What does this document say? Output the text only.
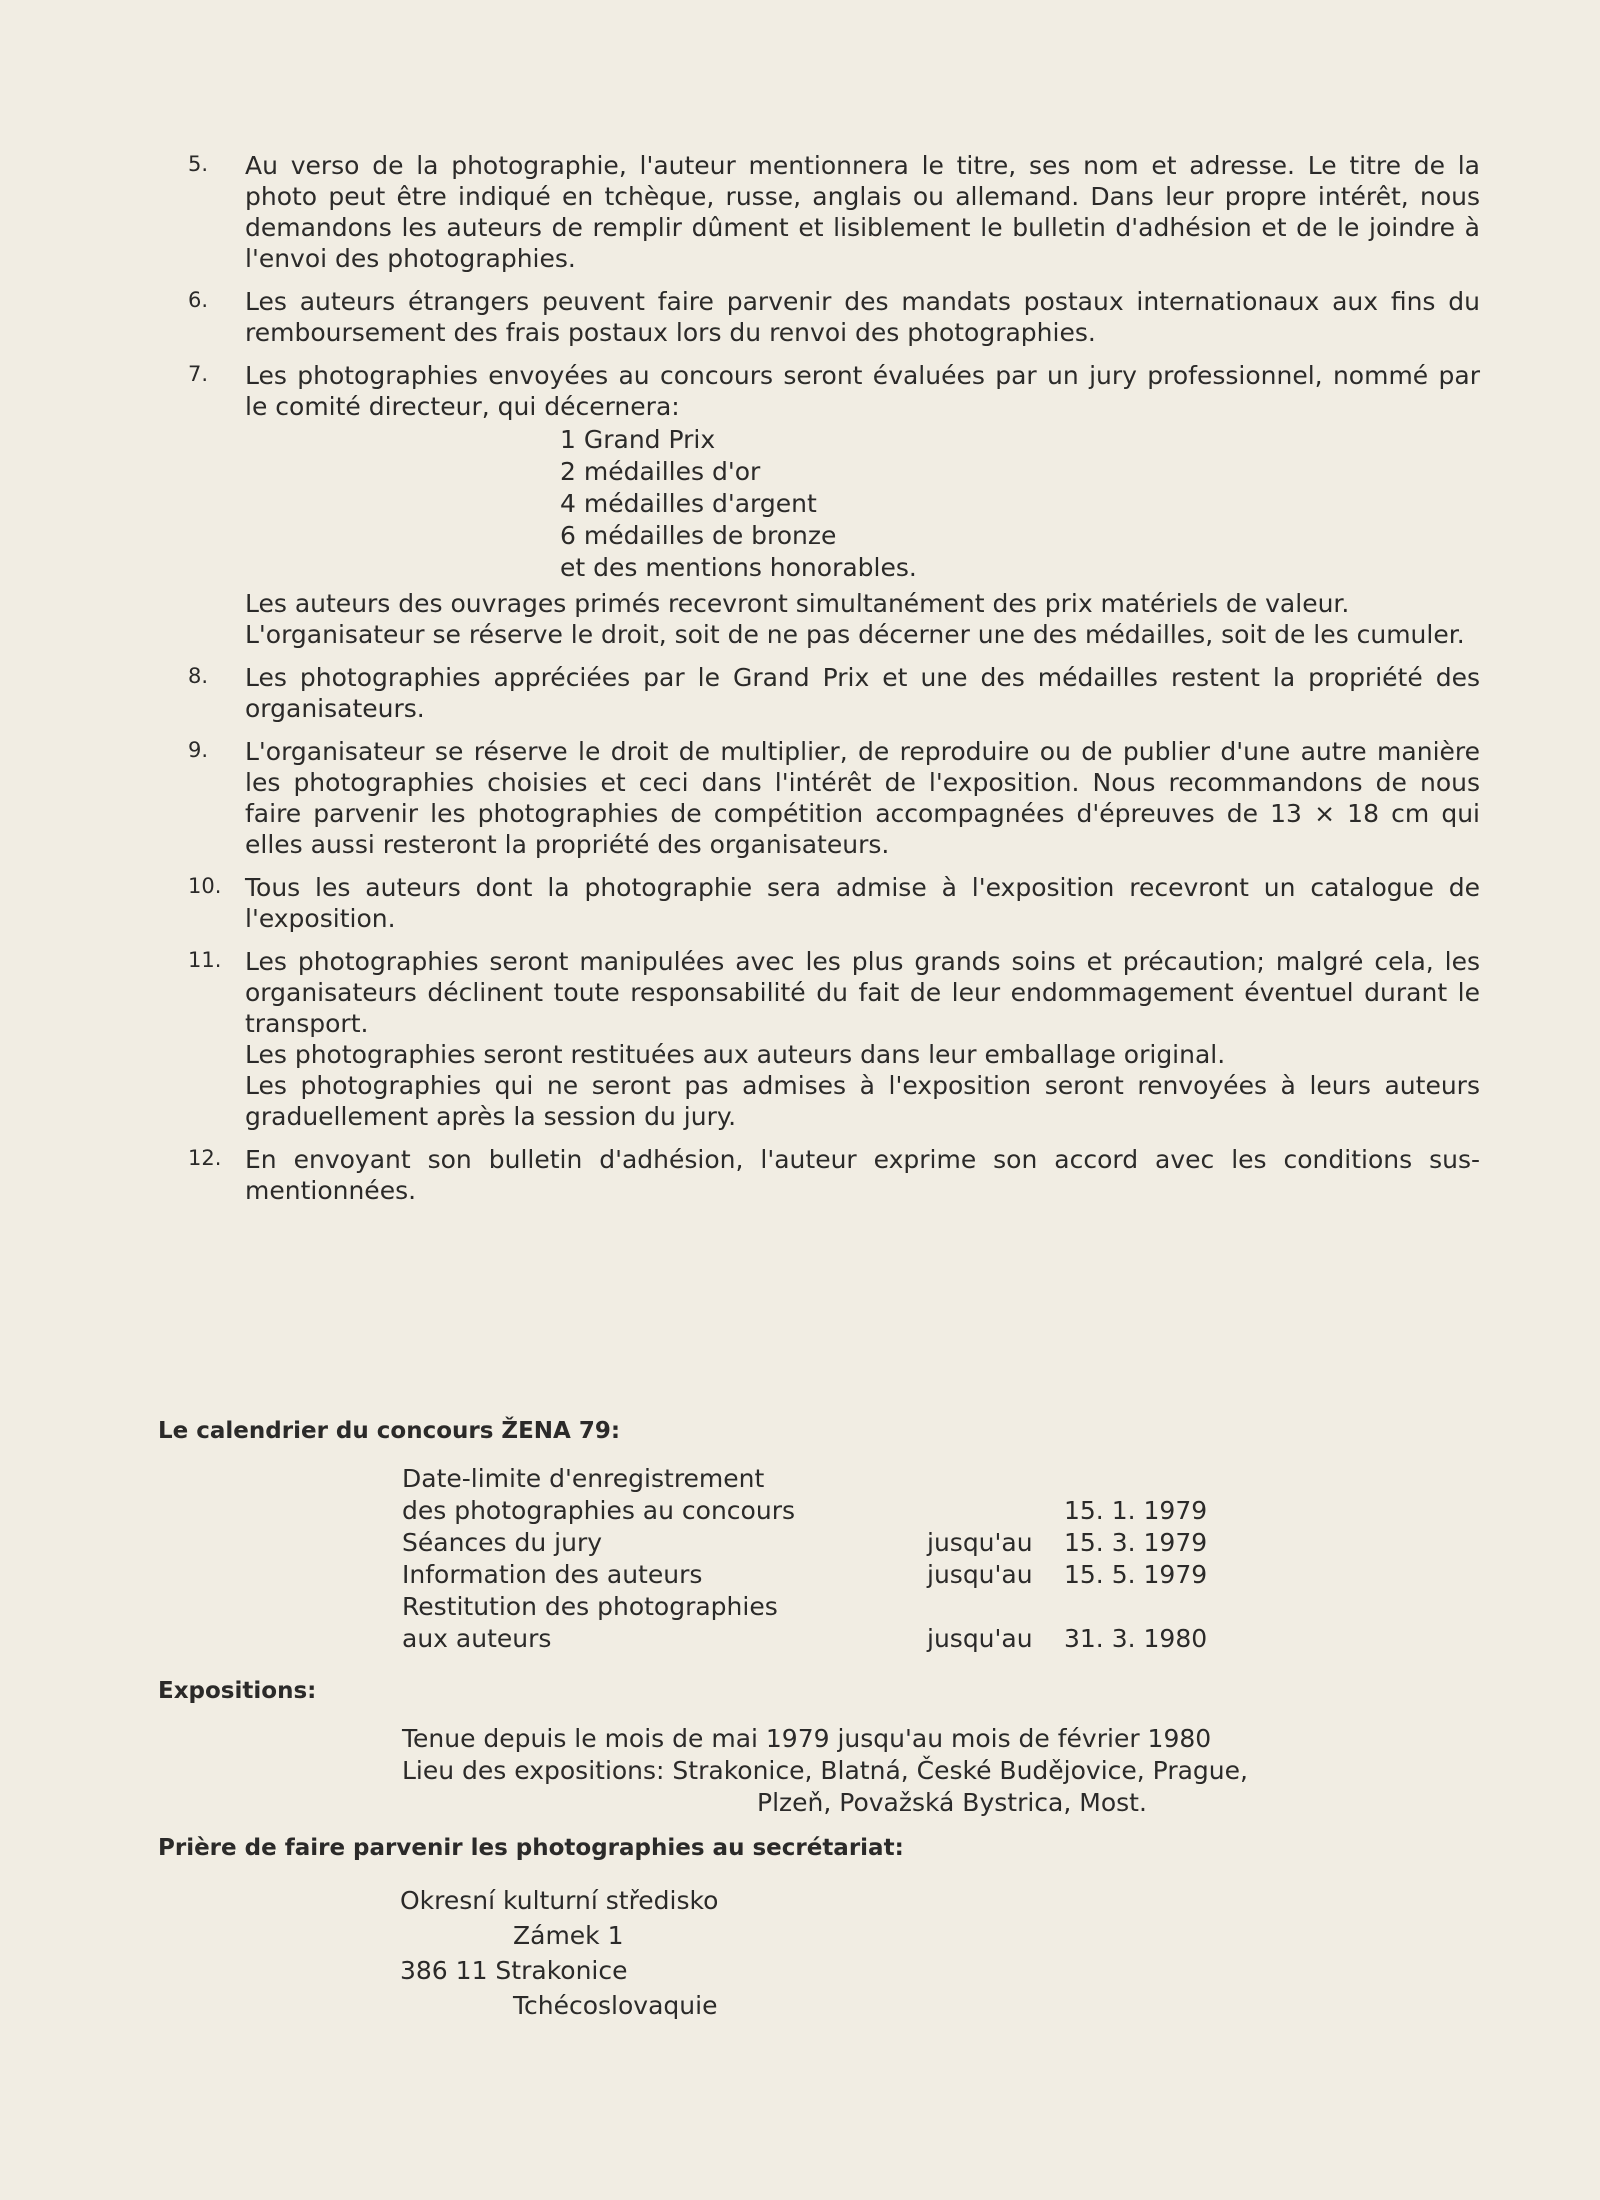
5.	Au verso de la photographie, l'auteur mentionnera le titre, ses nom et adresse. Le titre de la photo peut être indiqué en tchèque, russe, anglais ou allemand. Dans leur propre intérêt, nous demandons les auteurs de remplir dûment et lisiblement le bulletin d'adhésion et de le joindre à l'envoi des photographies.

6.	Les auteurs étrangers peuvent faire parvenir des mandats postaux internationaux aux fins du remboursement des frais postaux lors du renvoi des photographies.

7.	Les photographies envoyées au concours seront évaluées par un jury professionnel, nommé par le comité directeur, qui décernera:

1 Grand Prix
2 médailles d'or
4 médailles d'argent
6 médailles de bronze
et des mentions honorables.

Les auteurs des ouvrages primés recevront simultanément des prix matériels de valeur.

L'organisateur se réserve le droit, soit de ne pas décerner une des médailles, soit de les cumuler.

8.	Les photographies appréciées par le Grand Prix et une des médailles restent la propriété des organisateurs.

9.	L'organisateur se réserve le droit de multiplier, de reproduire ou de publier d'une autre manière les photographies choisies et ceci dans l'intérêt de l'exposition. Nous recommandons de nous faire parvenir les photographies de compétition accompagnées d'épreuves de 13 × 18 cm qui elles aussi resteront la propriété des organisateurs.

10. Tous les auteurs dont la photographie sera admise à l'exposition recevront un catalogue de l'exposition.

11. Les photographies seront manipulées avec les plus grands soins et précaution; malgré cela, les organisateurs déclinent toute responsabilité du fait de leur endommagement éventuel durant le transport.

Les photographies seront restituées aux auteurs dans leur emballage original.

Les photographies qui ne seront pas admises à l'exposition seront renvoyées à leurs auteurs graduellement après la session du jury.

12. En envoyant son bulletin d'adhésion, l'auteur exprime son accord avec les conditions sus-mentionnées.

Le calendrier du concours ŽENA 79:
Date-limite d'enregistrement
des photographies au concours	15. 1. 1979
Séances du jury	jusqu'au	15. 3. 1979
Information des auteurs	jusqu'au	15. 5. 1979
Restitution des photographies
aux auteurs	jusqu'au	31. 3. 1980
Expositions:
Tenue depuis le mois de mai 1979 jusqu'au mois de février 1980
Lieu des expositions: Strakonice, Blatná, České Budějovice, Prague,
Plzeň, Považská Bystrica, Most.
Prière de faire parvenir les photographies au secrétariat:
Okresní kulturní středisko
Zámek 1
386 11 Strakonice
Tchécoslovaquie
